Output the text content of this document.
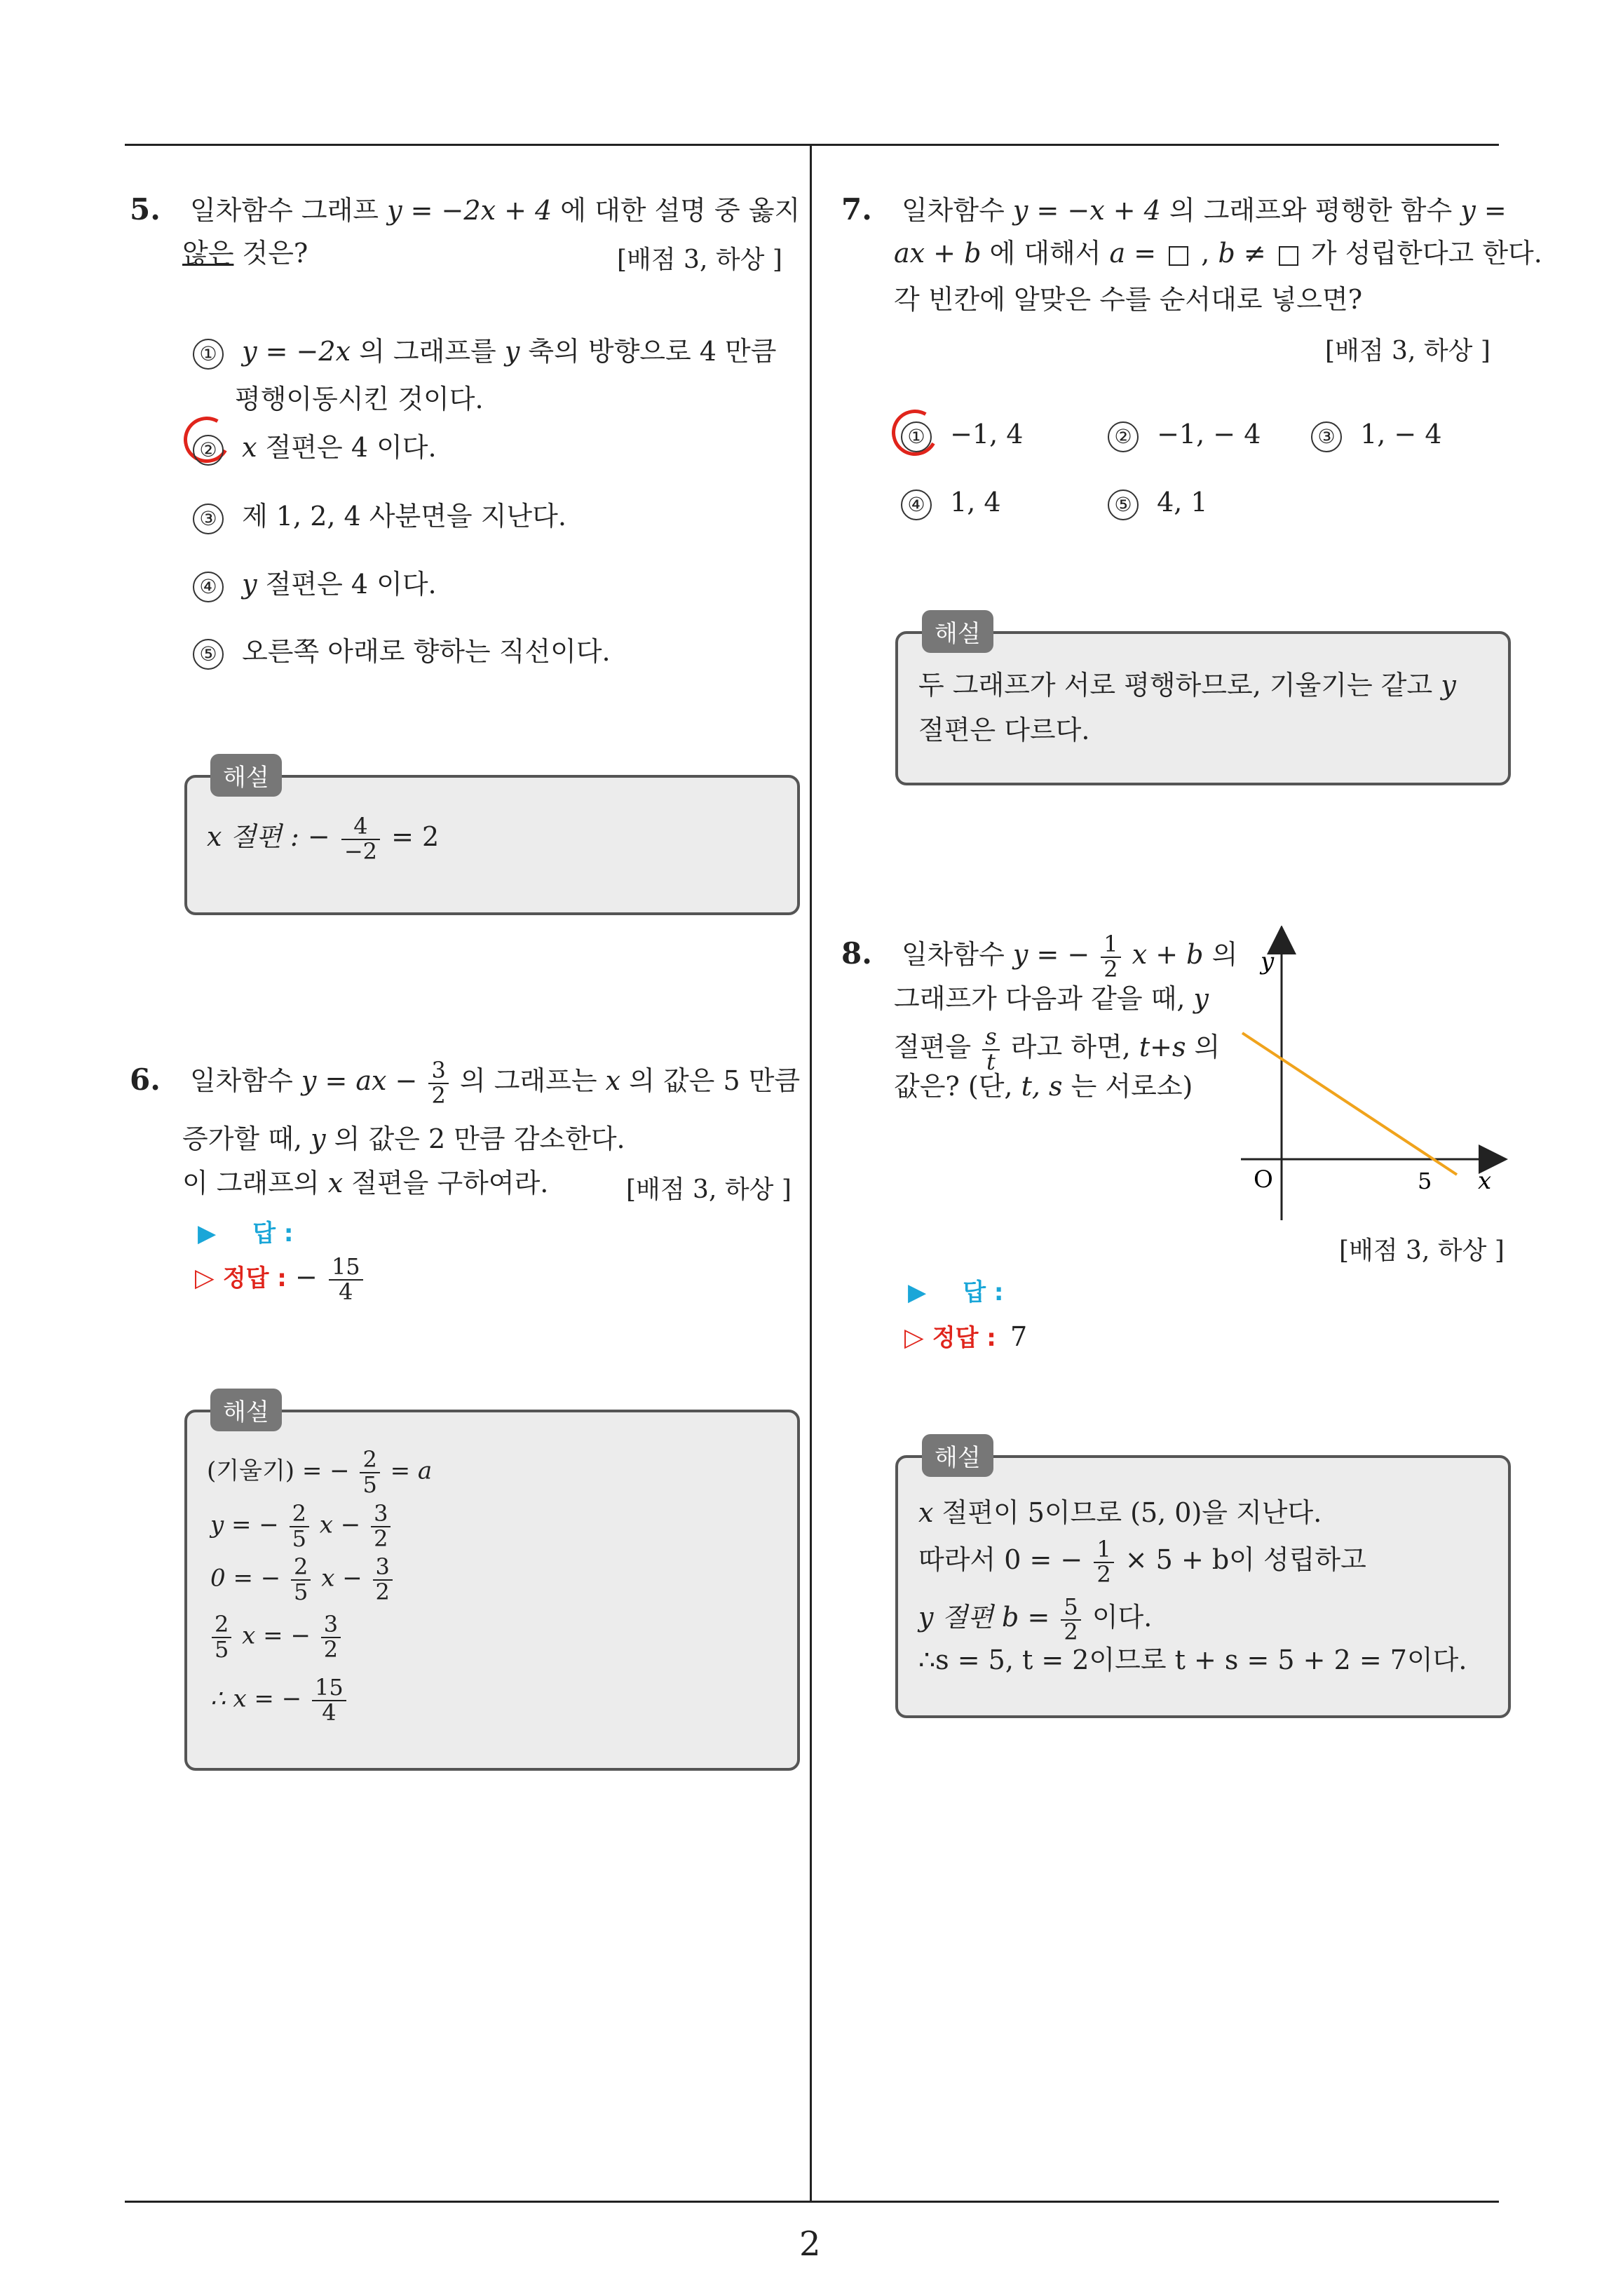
5. 일차함수 그래프 y = −2x + 4 에 대한 설명 중 옳지
않은 것은?	[배점 3, 하상 ]
① y = −2x 의 그래프를 y 축의 방향으로 4 만큼
평행이동시킨 것이다.
② x 절편은 4 이다.
③ 제 1, 2, 4 사분면을 지난다.
④ y 절편은 4 이다.
⑤ 오른쪽 아래로 향하는 직선이다.
해설
x 절편 : − $\frac{4}{-2} = 2$
6. 일차함수 y = ax − $\frac{3}{2}$ 의 그래프는 x 의 값은 5 만큼
증가할 때, y 의 값은 2 만큼 감소한다.
이 그래프의 x 절편을 구하여라.	[배점 3, 하상 ]
▶ 답 :
▷ 정답 : − $\frac{15}{4}$
해설
(기울기) = − $\frac{2}{5} = a$
y = − $\frac{2}{5}$ $x - \frac{3}{2}$
0 = − $\frac{2}{5}$ $x - \frac{3}{2}$
$\frac{2}{5}$ x = − $\frac{3}{2}$
∴ x = − $\frac{15}{4}$
7. 일차함수 y = −x + 4 의 그래프와 평행한 함수 y =
ax + b 에 대해서 a = , b ≠ 가 성립한다고 한다.
각 빈칸에 알맞은 수를 순서대로 넣으면?
[배점 3, 하상 ]
① −1, 4	② −1, − 4	③ 1, − 4
④ 1, 4	⑤ 4, 1
해설
두 그래프가 서로 평행하므로, 기울기는 같고 y
절편은 다르다.
8. 일차함수 y = − $\frac{1}{2}$ x + b 의
그래프가 다음과 같을 때, y
절편을 $\frac{s}{t}$ 라고 하면, t+s 의
값은? (단, t, s 는 서로소)
y
x
O	5
[배점 3, 하상 ]
▶ 답 :
▷ 정답 : 7
해설
x 절편이 5이므로 (5, 0)을 지난다.
따라서 0 = − $\frac{1}{2} \times 5 + b$이 성립하고
y 절편 $b = \frac{5}{2}$ 이다.
∴s = 5, t = 2이므로 t + s = 5 + 2 = 7이다.
2
